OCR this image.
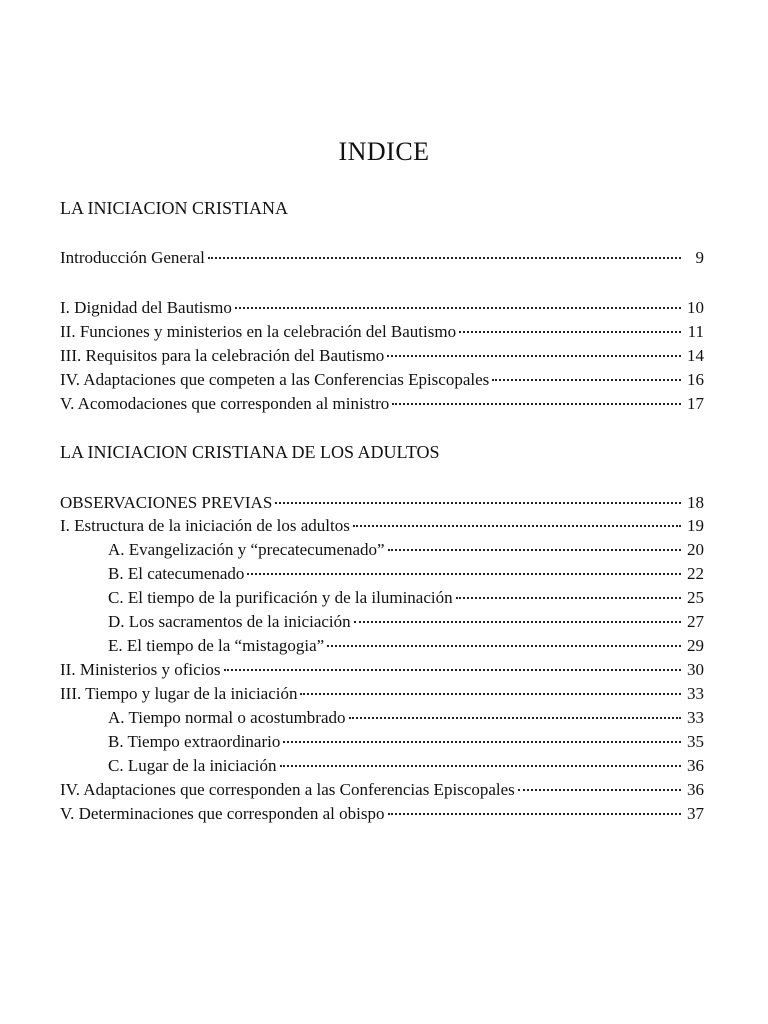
INDICE
LA INICIACION CRISTIANA
Introducción General	9
I. Dignidad del Bautismo	10
II. Funciones y ministerios en la celebración del Bautismo	11
III. Requisitos para la celebración del Bautismo	14
IV. Adaptaciones que competen a las Conferencias Episcopales	16
V. Acomodaciones que corresponden al ministro	17
LA INICIACION CRISTIANA DE LOS ADULTOS
OBSERVACIONES PREVIAS	18
I. Estructura de la iniciación de los adultos	19
A. Evangelización y “precatecumenado”	20
B. El catecumenado	22
C. El tiempo de la purificación y de la iluminación	25
D. Los sacramentos de la iniciación	27
E. El tiempo de la “mistagogia”	29
II. Ministerios y oficios	30
III. Tiempo y lugar de la iniciación	33
A. Tiempo normal o acostumbrado	33
B. Tiempo extraordinario	35
C. Lugar de la iniciación	36
IV. Adaptaciones que corresponden a las Conferencias Episcopales	36
V. Determinaciones que corresponden al obispo	37
